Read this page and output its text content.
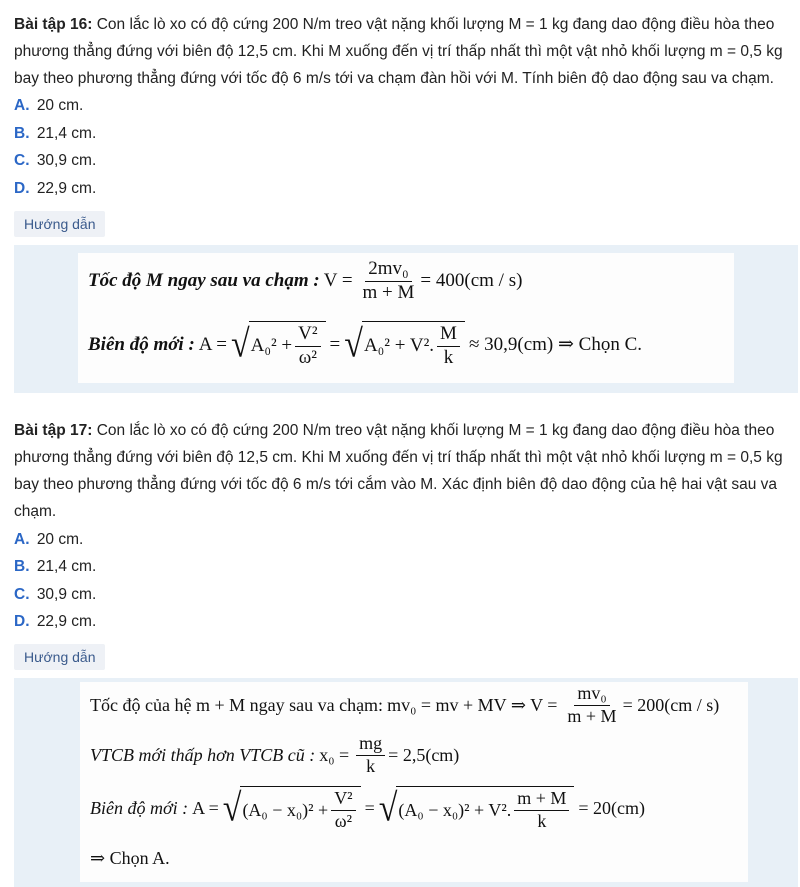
Bài tập 16: Con lắc lò xo có độ cứng 200 N/m treo vật nặng khối lượng M = 1 kg đang dao động điều hòa theo phương thẳng đứng với biên độ 12,5 cm. Khi M xuống đến vị trí thấp nhất thì một vật nhỏ khối lượng m = 0,5 kg bay theo phương thẳng đứng với tốc độ 6 m/s tới va chạm đàn hồi với M. Tính biên độ dao động sau va chạm.
A. 20 cm.
B. 21,4 cm.
C. 30,9 cm.
D. 22,9 cm.
Hướng dẫn
Tốc độ M ngay sau va chạm : $V = \frac{\text{2mv₀}}{m + M} = 400(cm / s)$
Biên độ mới : A = √ $A_0^2 + \frac{\text{V²}}{\text{ω²}}$ = √ A₀² + V². $\frac{M}{k} \approx 30,9(cm)$ ⇒ Chọn C.
Bài tập 17: Con lắc lò xo có độ cứng 200 N/m treo vật nặng khối lượng M = 1 kg đang dao động điều hòa theo phương thẳng đứng với biên độ 12,5 cm. Khi M xuống đến vị trí thấp nhất thì một vật nhỏ khối lượng m = 0,5 kg bay theo phương thẳng đứng với tốc độ 6 m/s tới cắm vào M. Xác định biên độ dao động của hệ hai vật sau va chạm.
A. 20 cm.
B. 21,4 cm.
C. 30,9 cm.
D. 22,9 cm.
Hướng dẫn
Tốc độ của hệ m + M ngay sau va chạm: mv₀ = mv + MV ⇒ $V = \frac{\text{mv₀}}{m + M} = 200(cm / s)$
VTCB mới thấp hơn VTCB cũ : $x_0 = \frac{mg}{k} = 2,5(cm)$
Biên độ mới : A = √ $(A_0 - x_0)^2 + \frac{\text{V²}}{\text{ω²}}$ = √ (A₀ − x₀)² + V². $\frac{m + M}{k} = 20(cm)$
⇒ Chọn A.
